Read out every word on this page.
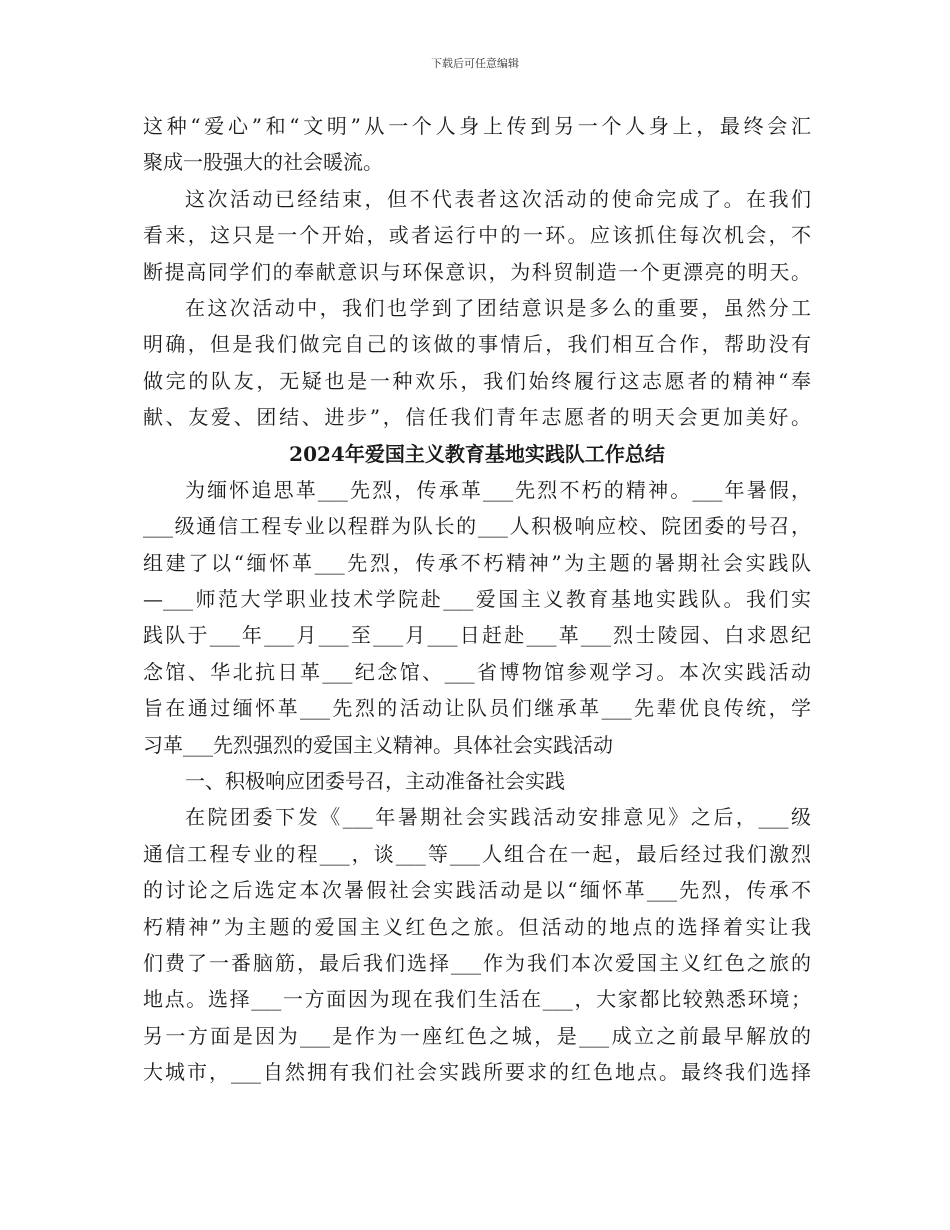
下载后可任意编辑
这种“爱心”和“文明”从一个人身上传到另一个人身上，最终会汇
聚成一股强大的社会暖流。
这次活动已经结束，但不代表者这次活动的使命完成了。在我们
看来，这只是一个开始，或者运行中的一环。应该抓住每次机会，不
断提高同学们的奉献意识与环保意识，为科贸制造一个更漂亮的明天。
在这次活动中，我们也学到了团结意识是多么的重要，虽然分工
明确，但是我们做完自己的该做的事情后，我们相互合作，帮助没有
做完的队友，无疑也是一种欢乐，我们始终履行这志愿者的精神“奉
献、友爱、团结、进步”，信任我们青年志愿者的明天会更加美好。
2024年爱国主义教育基地实践队工作总结
为缅怀追思革___先烈，传承革___先烈不朽的精神。___年暑假，
___级通信工程专业以程群为队长的___人积极响应校、院团委的号召，
组建了以“缅怀革___先烈，传承不朽精神”为主题的暑期社会实践队
—___师范大学职业技术学院赴___爱国主义教育基地实践队。我们实
践队于___年___月___至___月___日赶赴___革___烈士陵园、白求恩纪
念馆、华北抗日革___纪念馆、___省博物馆参观学习。本次实践活动
旨在通过缅怀革___先烈的活动让队员们继承革___先辈优良传统，学
习革___先烈强烈的爱国主义精神。具体社会实践活动
一、积极响应团委号召，主动准备社会实践
在院团委下发《___年暑期社会实践活动安排意见》之后，___级
通信工程专业的程___，谈___等___人组合在一起，最后经过我们激烈
的讨论之后选定本次暑假社会实践活动是以“缅怀革___先烈，传承不
朽精神”为主题的爱国主义红色之旅。但活动的地点的选择着实让我
们费了一番脑筋，最后我们选择___作为我们本次爱国主义红色之旅的
地点。选择___一方面因为现在我们生活在___，大家都比较熟悉环境；
另一方面是因为___是作为一座红色之城，是___成立之前最早解放的
大城市，___自然拥有我们社会实践所要求的红色地点。最终我们选择
